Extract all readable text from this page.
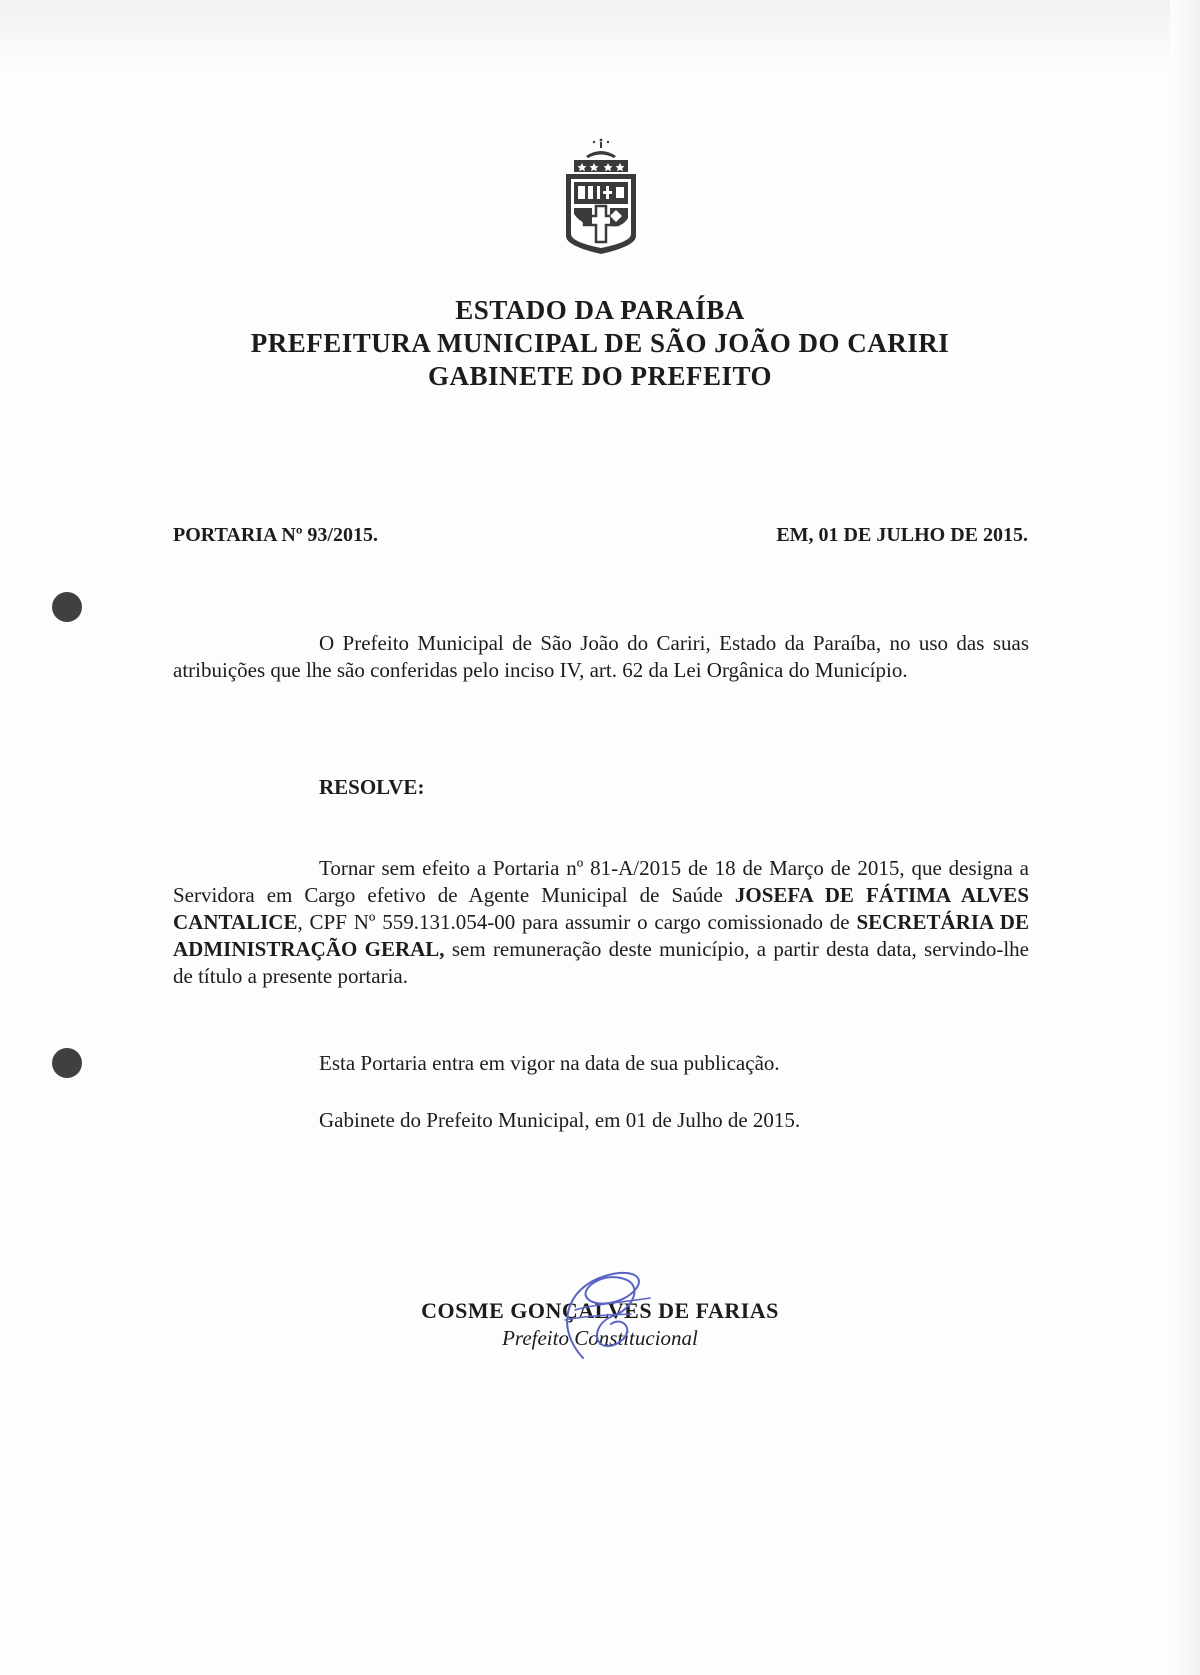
ESTADO DA PARAÍBA
PREFEITURA MUNICIPAL DE SÃO JOÃO DO CARIRI
GABINETE DO PREFEITO
PORTARIA Nº 93/2015.	EM, 01 DE JULHO DE 2015.
O Prefeito Municipal de São João do Cariri, Estado da Paraíba, no uso das suas atribuições que lhe são conferidas pelo inciso IV, art. 62 da Lei Orgânica do Município.
RESOLVE:
Tornar sem efeito a Portaria nº 81-A/2015 de 18 de Março de 2015, que designa a Servidora em Cargo efetivo de Agente Municipal de Saúde JOSEFA DE FÁTIMA ALVES CANTALICE, CPF Nº 559.131.054-00 para assumir o cargo comissionado de SECRETÁRIA DE ADMINISTRAÇÃO GERAL, sem remuneração deste município, a partir desta data, servindo-lhe de título a presente portaria.
Esta Portaria entra em vigor na data de sua publicação.
Gabinete do Prefeito Municipal, em 01 de Julho de 2015.
COSME GONÇALVES DE FARIAS
Prefeito Constitucional
